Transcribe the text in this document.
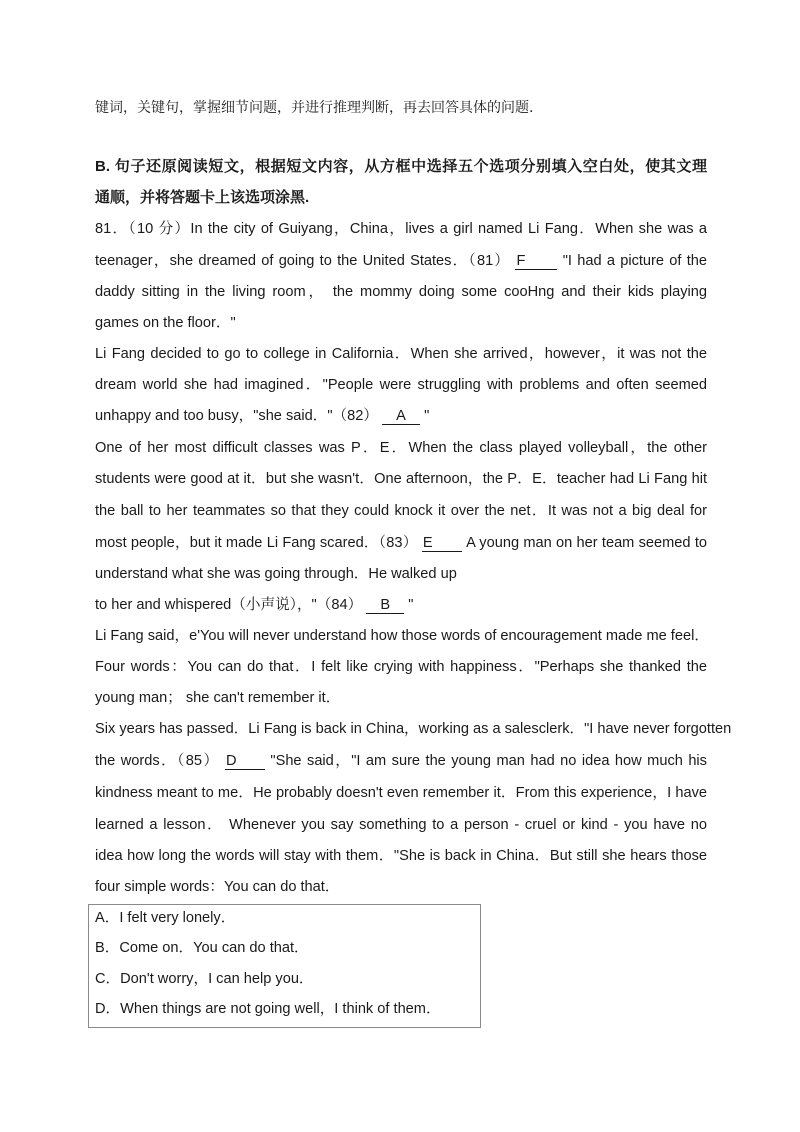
键词，关键句，掌握细节问题，并进行推理判断，再去回答具体的问题.
B. 句子还原阅读短文，根据短文内容，从方框中选择五个选项分别填入空白处，使其文理
通顺，并将答题卡上该选项涂黑.
81．（10 分）In the city of Guiyang，China，lives a girl named Li Fang．When she was a
teenager，she dreamed of going to the United States．（81） F	"I had a picture of the
daddy sitting in the living room， the mommy doing some cooHng and their kids playing
games on the floor．"
Li Fang decided to go to college in California．When she arrived，however，it was not the
dream world she had imagined．"People were struggling with problems and often seemed
unhappy and too busy，"she said．"（82） A "
One of her most difficult classes was P．E．When the class played volleyball，the other
students were good at it．but she wasn't．One afternoon，the P．E．teacher had Li Fang hit
the ball to her teammates so that they could knock it over the net．It was not a big deal for
most people，but it made Li Fang scared．（83） E A young man on her team seemed to
understand what she was going through．He walked up
to her and whispered（小声说），"（84） B "
Li Fang said，e'You will never understand how those words of encouragement made me feel．
Four words：You can do that．I felt like crying with happiness．"Perhaps she thanked the
young man； she can't remember it．
Six years has passed．Li Fang is back in China，working as a salesclerk．"I have never forgotten
the words．（85） D "She said，"I am sure the young man had no idea how much his
kindness meant to me．He probably doesn't even remember it．From this experience，I have
learned a lesson． Whenever you say something to a person - cruel or kind - you have no
idea how long the words will stay with them．"She is back in China．But still she hears those
four simple words：You can do that．
A．I felt very lonely．
B．Come on．You can do that．
C．Don't worry，I can help you．
D．When things are not going well，I think of them．
